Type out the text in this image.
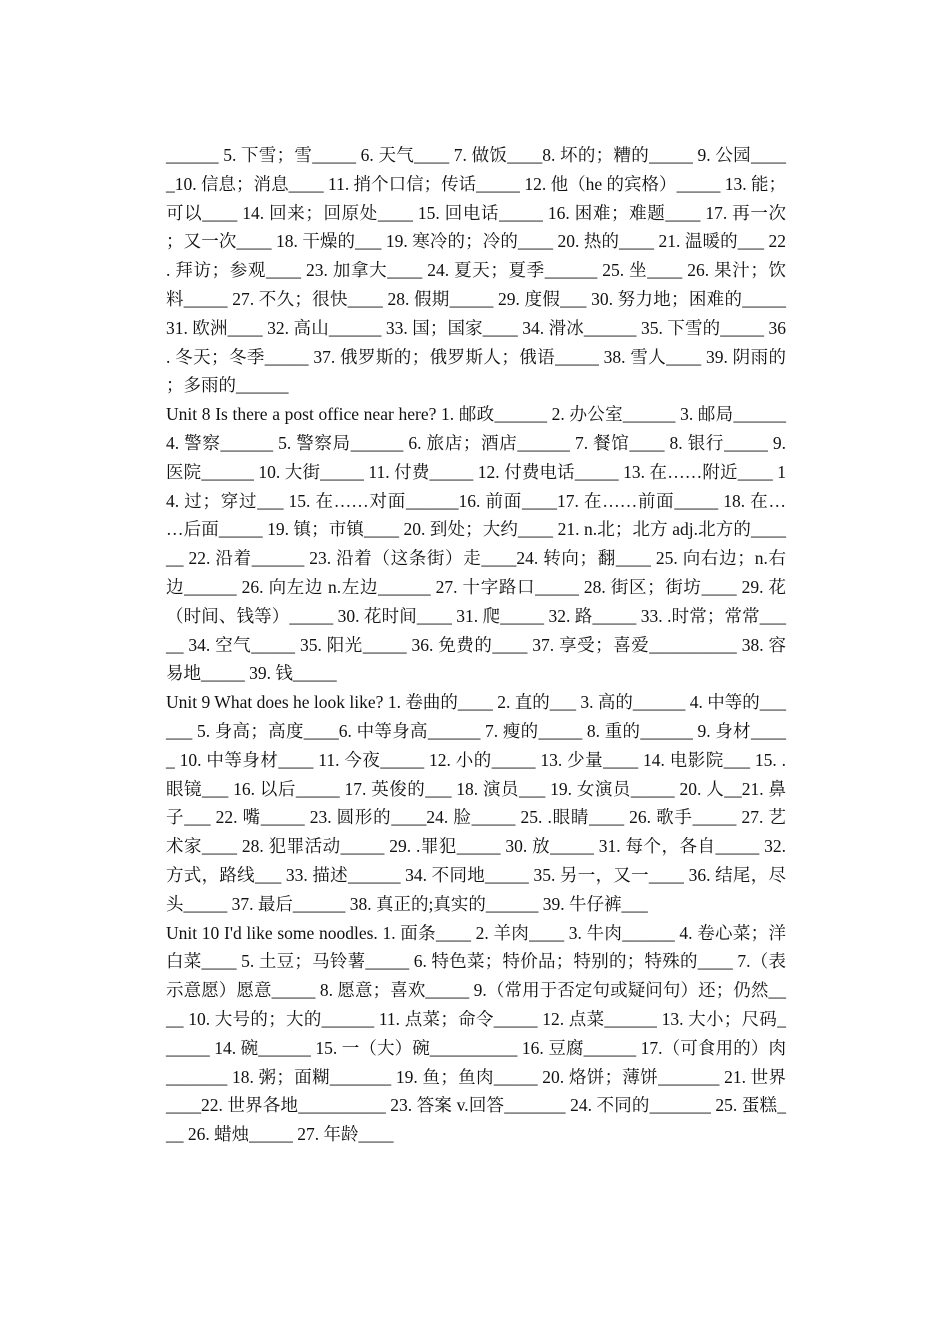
______ 5. 下雪；雪_____ 6. 天气____ 7. 做饭____8. 坏的；糟的_____ 9. 公园_____10. 信息；消息____ 11. 捎个口信；传话_____ 12. 他（he 的宾格）_____ 13. 能；可以____ 14. 回来；回原处____ 15. 回电话_____ 16. 困难；难题____ 17. 再一次；又一次____ 18. 干燥的___ 19. 寒冷的；冷的____ 20. 热的____ 21. 温暖的___ 22. 拜访；参观____ 23. 加拿大____ 24. 夏天；夏季______ 25. 坐____ 26. 果汁；饮料_____ 27. 不久；很快____ 28. 假期_____ 29. 度假___ 30. 努力地；困难的_____31. 欧洲____ 32. 高山______ 33. 国；国家____ 34. 滑冰______ 35. 下雪的_____ 36. 冬天；冬季_____ 37. 俄罗斯的；俄罗斯人；俄语_____ 38. 雪人____ 39. 阴雨的；多雨的______

Unit 8 Is there a post office near here? 1. 邮政______ 2. 办公室______ 3. 邮局______ 4. 警察______ 5. 警察局______ 6. 旅店；酒店______ 7. 餐馆____ 8. 银行_____ 9. 医院______ 10. 大街_____ 11. 付费_____ 12. 付费电话_____ 13. 在……附近____ 14. 过；穿过___ 15. 在……对面______16. 前面____17. 在……前面_____ 18. 在……后面_____ 19. 镇；市镇____ 20. 到处；大约____ 21. n.北；北方 adj.北方的______ 22. 沿着______ 23. 沿着（这条街）走____24. 转向；翻____ 25. 向右边；n.右边______ 26. 向左边 n.左边______ 27. 十字路口_____ 28. 街区；街坊____ 29. 花（时间、钱等）_____ 30. 花时间____ 31. 爬_____ 32. 路_____ 33. .时常；常常_____ 34. 空气_____ 35. 阳光_____ 36. 免费的____ 37. 享受；喜爱__________ 38. 容易地_____ 39. 钱_____

Unit 9 What does he look like? 1. 卷曲的____ 2. 直的___ 3. 高的______ 4. 中等的______ 5. 身高；高度____6. 中等身高______ 7. 瘦的_____ 8. 重的______ 9. 身材_____ 10. 中等身材____ 11. 今夜_____ 12. 小的_____ 13. 少量____ 14. 电影院___ 15. .眼镜___ 16. 以后_____ 17. 英俊的___ 18. 演员___ 19. 女演员_____ 20. 人__21. 鼻子___ 22. 嘴_____ 23. 圆形的____24. 脸_____ 25. .眼睛____ 26. 歌手_____ 27. 艺术家____ 28. 犯罪活动_____ 29. .罪犯_____ 30. 放_____ 31. 每个，各自_____ 32. 方式，路线___ 33. 描述______ 34. 不同地_____ 35. 另一，又一____ 36. 结尾，尽头_____ 37. 最后______ 38. 真正的;真实的______ 39. 牛仔裤___

Unit 10 I'd like some noodles. 1. 面条____ 2. 羊肉____ 3. 牛肉______ 4. 卷心菜；洋白菜____ 5. 土豆；马铃薯_____ 6. 特色菜；特价品；特别的；特殊的____ 7.（表示意愿）愿意_____ 8. 愿意；喜欢_____ 9.（常用于否定句或疑问句）还；仍然____ 10. 大号的；大的______ 11. 点菜；命令_____ 12. 点菜______ 13. 大小；尺码______ 14. 碗______ 15. 一（大）碗__________ 16. 豆腐______ 17.（可食用的）肉_______ 18. 粥；面糊_______ 19. 鱼；鱼肉_____ 20. 烙饼；薄饼_______ 21. 世界____22. 世界各地__________ 23. 答案 v.回答_______ 24. 不同的_______ 25. 蛋糕___ 26. 蜡烛_____ 27. 年龄____
